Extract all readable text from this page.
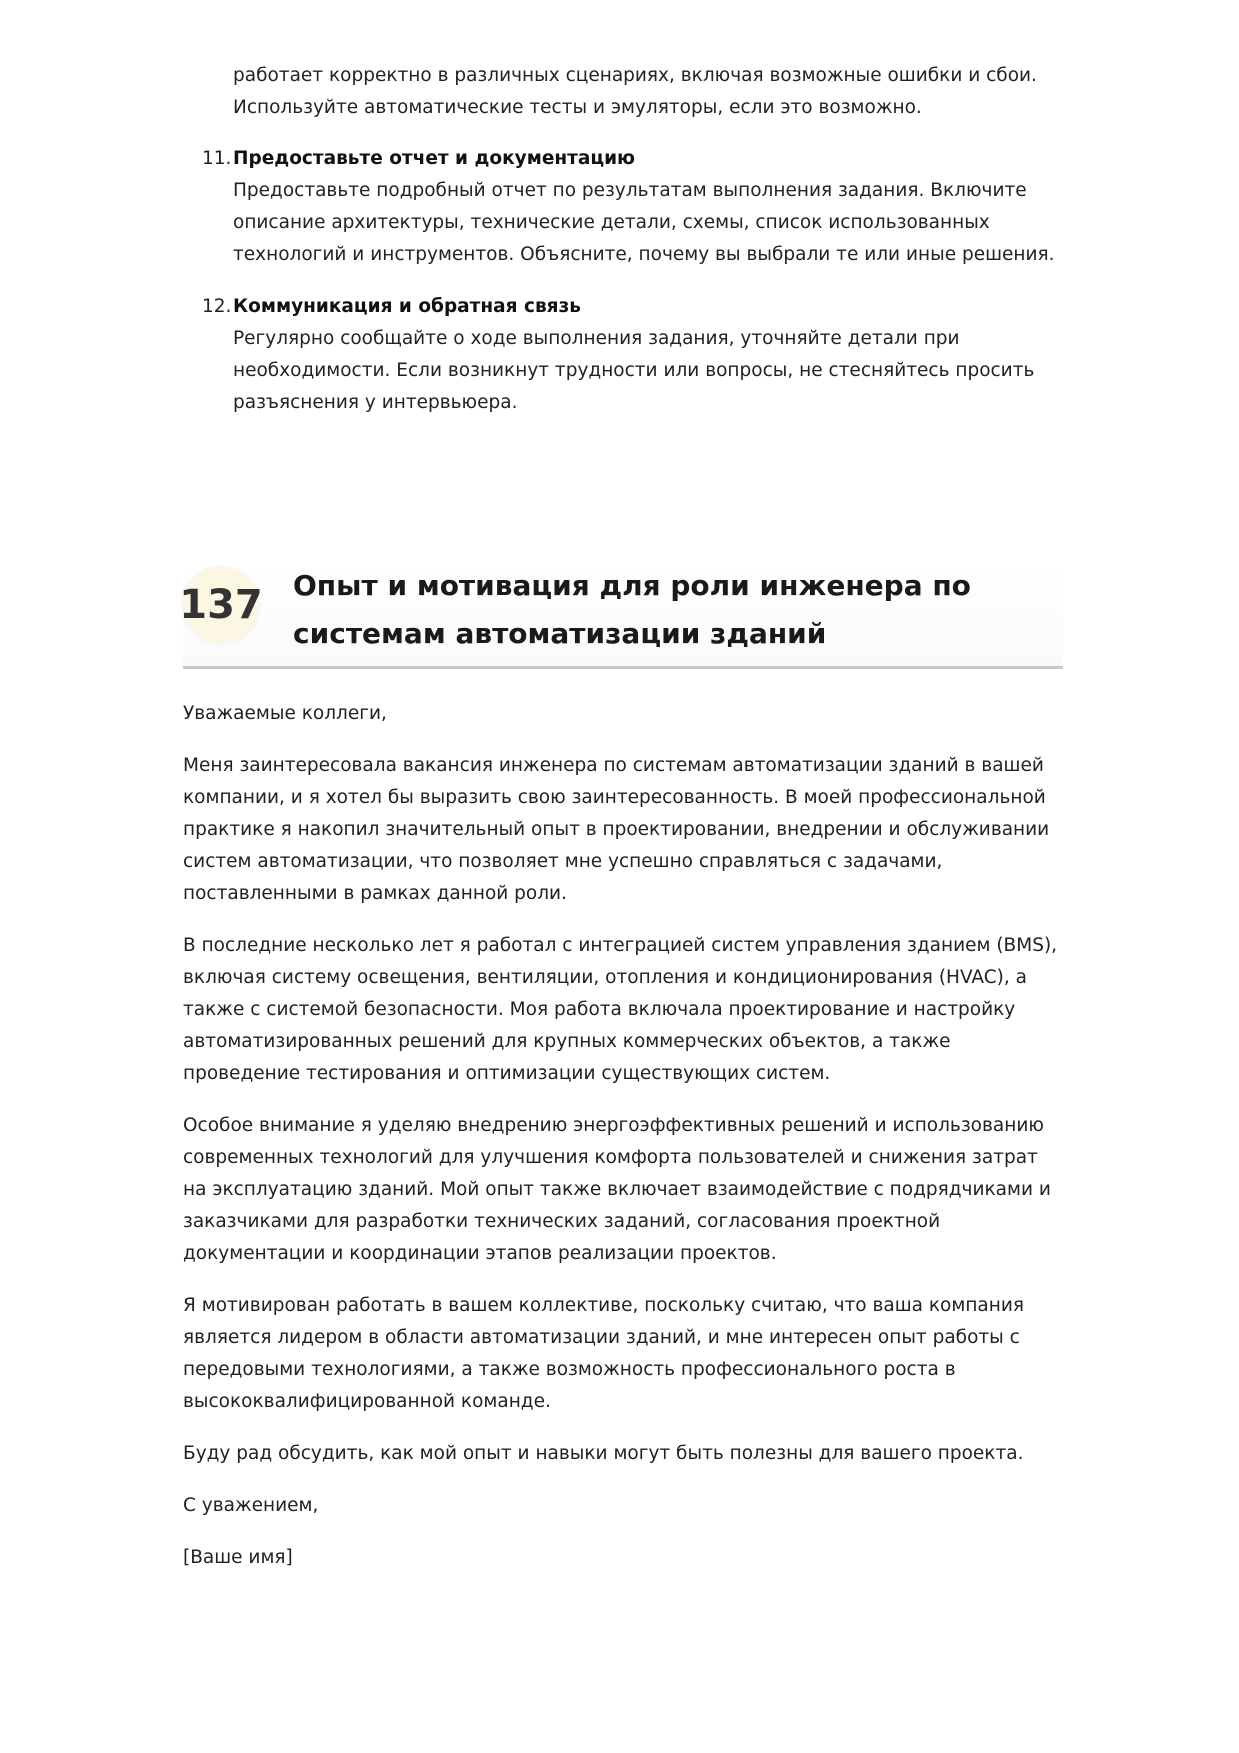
работает корректно в различных сценариях, включая возможные ошибки и сбои.

Используйте автоматические тесты и эмуляторы, если это возможно.

11. Предоставьте отчет и документацию
Предоставьте подробный отчет по результатам выполнения задания. Включите описание архитектуры, технические детали, схемы, список использованных технологий и инструментов. Объясните, почему вы выбрали те или иные решения.
12. Коммуникация и обратная связь
Регулярно сообщайте о ходе выполнения задания, уточняйте детали при необходимости. Если возникнут трудности или вопросы, не стесняйтесь просить разъяснения у интервьюера.
137 Опыт и мотивация для роли инженера по системам автоматизации зданий

Уважаемые коллеги,

Меня заинтересовала вакансия инженера по системам автоматизации зданий в вашей компании, и я хотел бы выразить свою заинтересованность. В моей профессиональной практике я накопил значительный опыт в проектировании, внедрении и обслуживании систем автоматизации, что позволяет мне успешно справляться с задачами, поставленными в рамках данной роли.

В последние несколько лет я работал с интеграцией систем управления зданием (BMS), включая систему освещения, вентиляции, отопления и кондиционирования (HVAC), а также с системой безопасности. Моя работа включала проектирование и настройку автоматизированных решений для крупных коммерческих объектов, а также проведение тестирования и оптимизации существующих систем.

Особое внимание я уделяю внедрению энергоэффективных решений и использованию современных технологий для улучшения комфорта пользователей и снижения затрат на эксплуатацию зданий. Мой опыт также включает взаимодействие с подрядчиками и заказчиками для разработки технических заданий, согласования проектной документации и координации этапов реализации проектов.

Я мотивирован работать в вашем коллективе, поскольку считаю, что ваша компания является лидером в области автоматизации зданий, и мне интересен опыт работы с передовыми технологиями, а также возможность профессионального роста в высококвалифицированной команде.

Буду рад обсудить, как мой опыт и навыки могут быть полезны для вашего проекта.

С уважением,

[Ваше имя]
